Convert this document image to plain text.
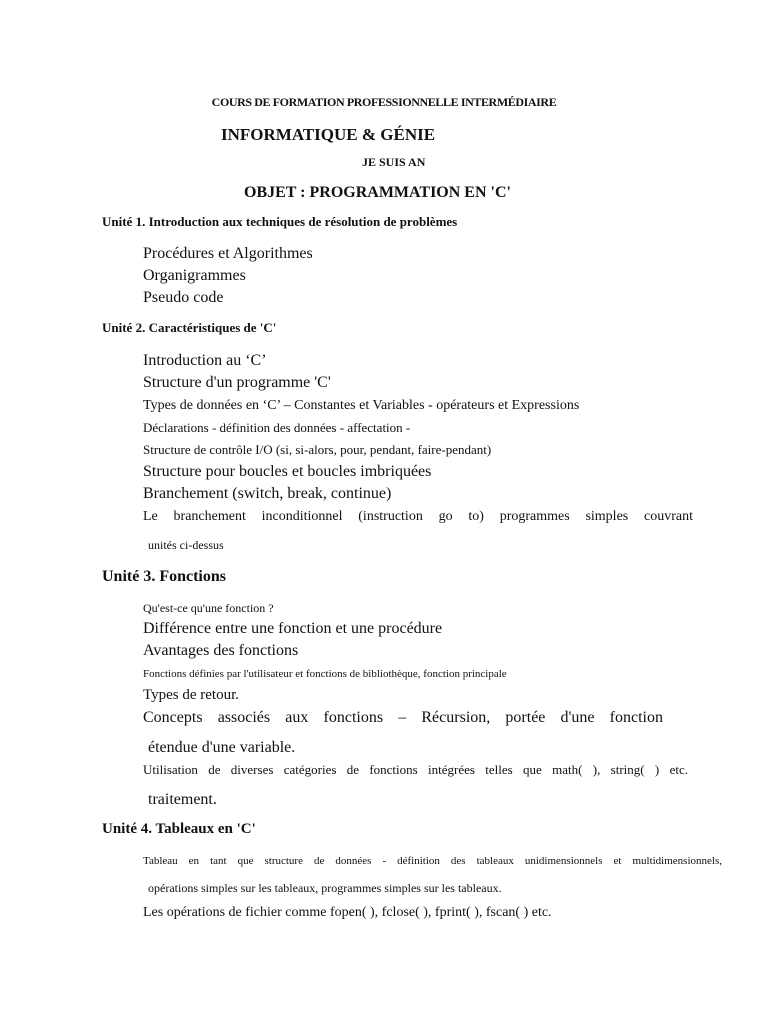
COURS DE FORMATION PROFESSIONNELLE INTERMÉDIAIRE
INFORMATIQUE & GÉNIE
JE SUIS AN
OBJET : PROGRAMMATION EN 'C'
Unité 1. Introduction aux techniques de résolution de problèmes
Procédures et Algorithmes
Organigrammes
Pseudo code
Unité 2. Caractéristiques de 'C'
Introduction au ‘C’
Structure d'un programme 'C'
Types de données en ‘C’ – Constantes et Variables - opérateurs et Expressions
Déclarations - définition des données - affectation -
Structure de contrôle I/O (si, si-alors, pour, pendant, faire-pendant)
Structure pour boucles et boucles imbriquées
Branchement (switch, break, continue)
Le branchement inconditionnel (instruction go to) programmes simples couvrant
unités ci-dessus
Unité 3. Fonctions
Qu'est-ce qu'une fonction ?
Différence entre une fonction et une procédure
Avantages des fonctions
Fonctions définies par l'utilisateur et fonctions de bibliothèque, fonction principale
Types de retour.
Concepts associés aux fonctions – Récursion, portée d'une fonction
étendue d'une variable.
Utilisation de diverses catégories de fonctions intégrées telles que math( ), string( ) etc.
traitement.
Unité 4. Tableaux en 'C'
Tableau en tant que structure de données - définition des tableaux unidimensionnels et multidimensionnels,
opérations simples sur les tableaux, programmes simples sur les tableaux.
Les opérations de fichier comme fopen( ), fclose( ), fprint( ), fscan( ) etc.
